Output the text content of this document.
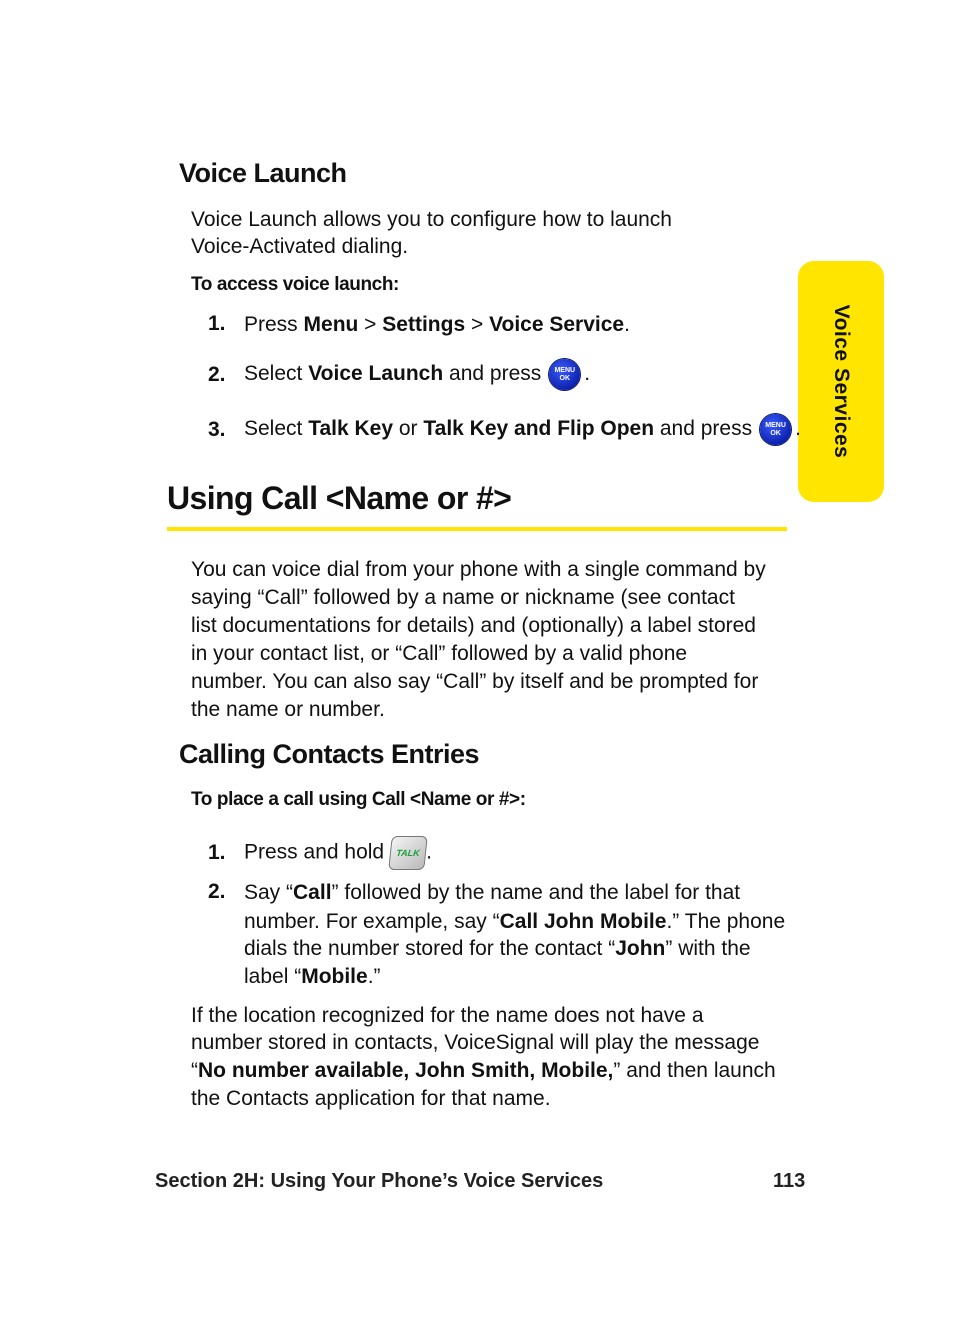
Voice Services
Voice Launch
Voice Launch allows you to configure how to launch
Voice-Activated dialing.
To access voice launch:
1. Press Menu > Settings > Voice Service.
2. Select Voice Launch and press MENU
OK .
3. Select Talk Key or Talk Key and Flip Open and press MENU
OK .
Using Call <Name or #>
You can voice dial from your phone with a single command by
saying “Call” followed by a name or nickname (see contact
list documentations for details) and (optionally) a label stored
in your contact list, or “Call” followed by a valid phone
number. You can also say “Call” by itself and be prompted for
the name or number.
Calling Contacts Entries
To place a call using Call <Name or #>:
1. Press and hold TALK .
2. Say “Call” followed by the name and the label for that
number. For example, say “Call John Mobile.” The phone
dials the number stored for the contact “John” with the
label “Mobile.”
If the location recognized for the name does not have a
number stored in contacts, VoiceSignal will play the message
“No number available, John Smith, Mobile,” and then launch
the Contacts application for that name.
Section 2H: Using Your Phone’s Voice Services	113
